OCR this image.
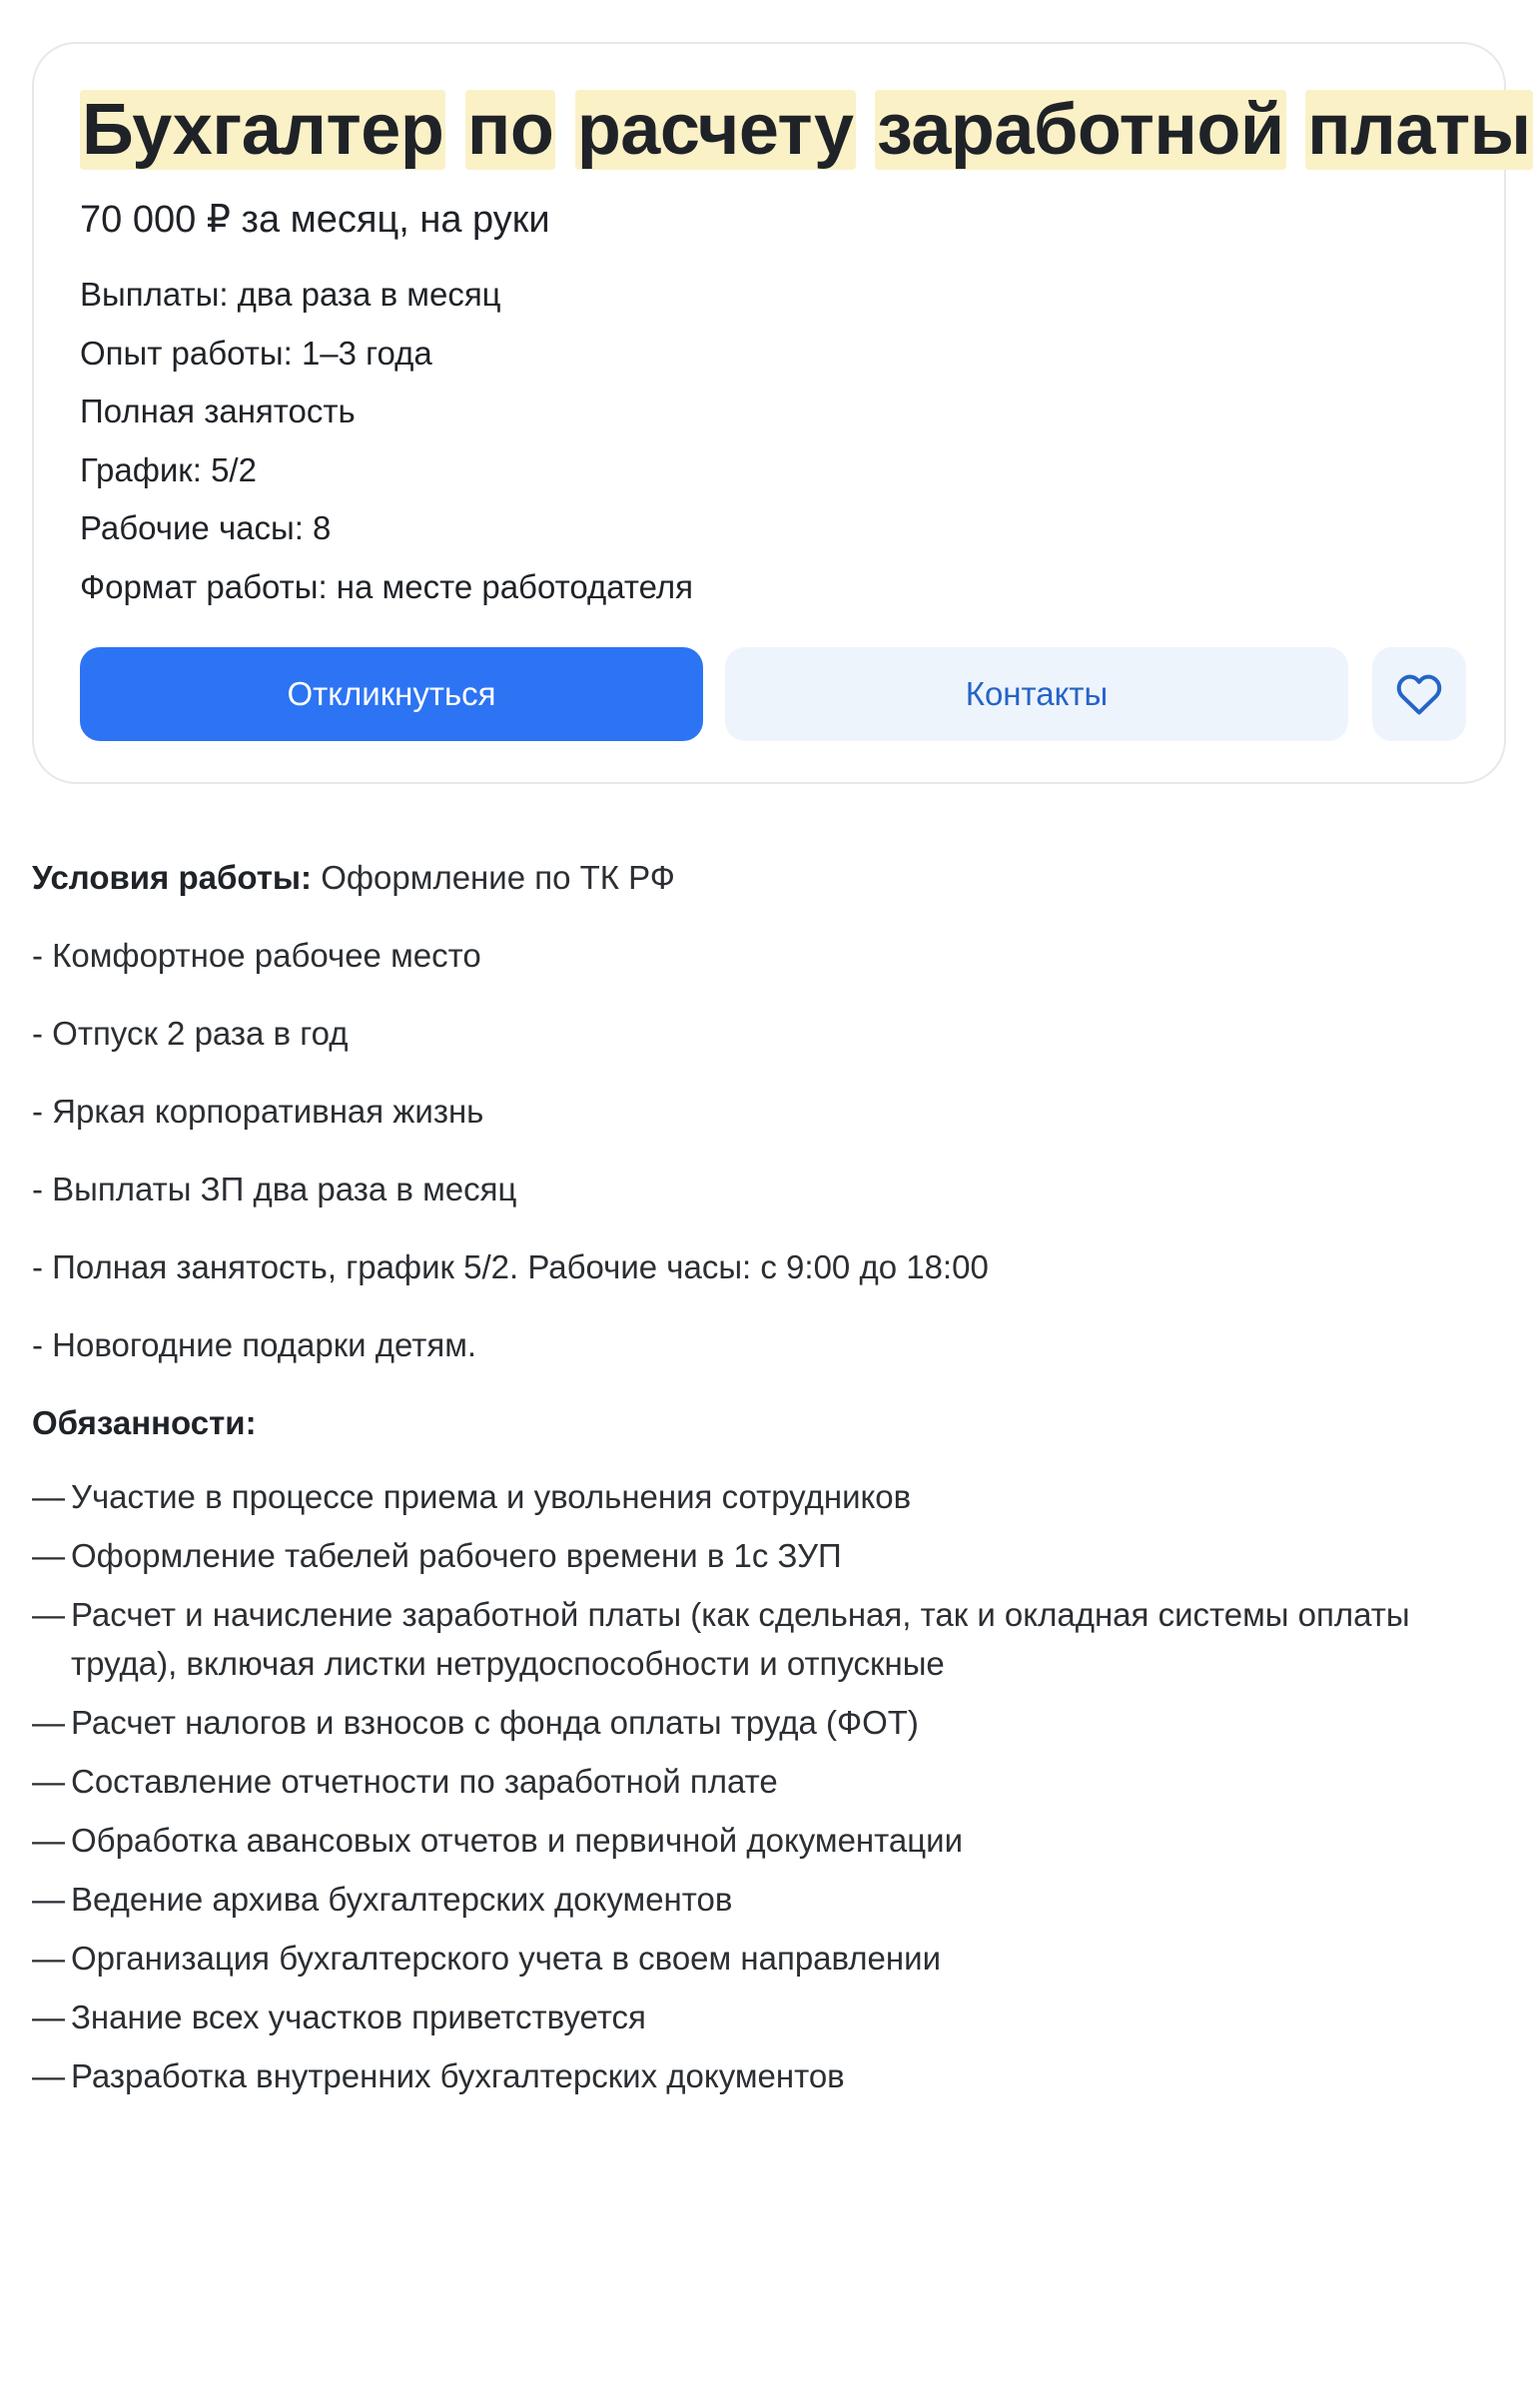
Бухгалтер по расчету заработной платы
70 000 ₽ за месяц, на руки
Выплаты: два раза в месяц
Опыт работы: 1–3 года
Полная занятость
График: 5/2
Рабочие часы: 8
Формат работы: на месте работодателя
Откликнуться	Контакты

Условия работы: Оформление по ТК РФ

- Комфортное рабочее место
- Отпуск 2 раза в год
- Яркая корпоративная жизнь
- Выплаты ЗП два раза в месяц
- Полная занятость, график 5/2. Рабочие часы: с 9:00 до 18:00
- Новогодние подарки детям.

Обязанности:

— Участие в процессе приема и увольнения сотрудников
— Оформление табелей рабочего времени в 1с ЗУП
— Расчет и начисление заработной платы (как сдельная, так и окладная системы оплаты труда), включая листки нетрудоспособности и отпускные
— Расчет налогов и взносов с фонда оплаты труда (ФОТ)
— Составление отчетности по заработной плате
— Обработка авансовых отчетов и первичной документации
— Ведение архива бухгалтерских документов
— Организация бухгалтерского учета в своем направлении
— Знание всех участков приветствуется
— Разработка внутренних бухгалтерских документов
